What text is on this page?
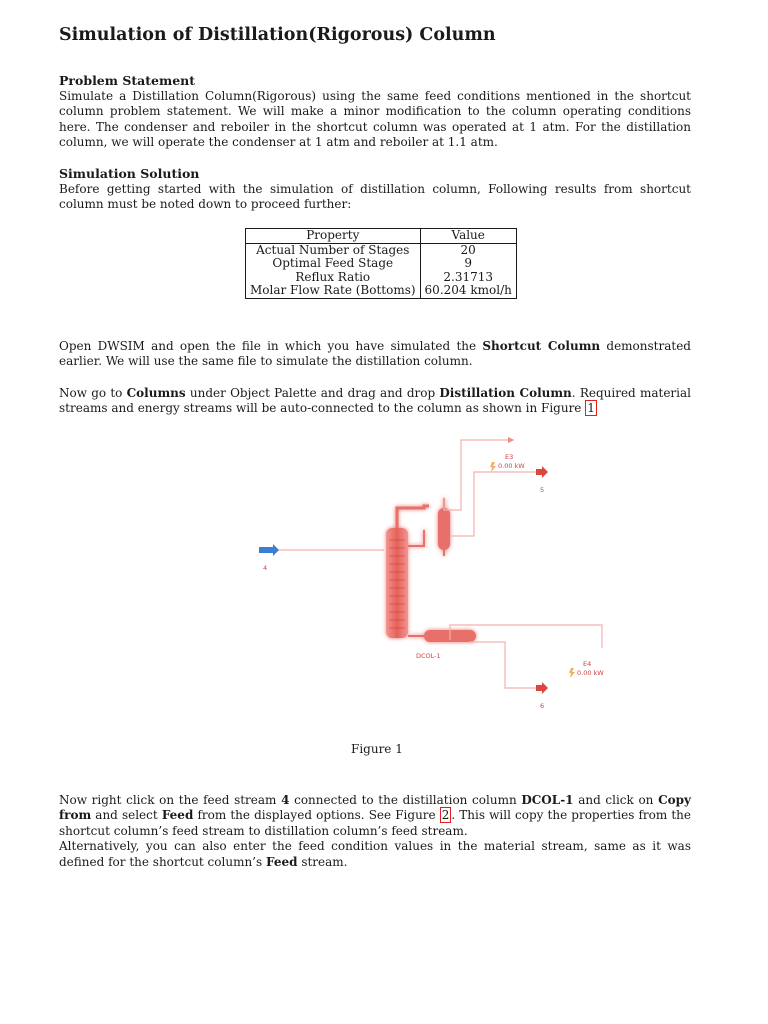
Simulation of Distillation(Rigorous) Column
Problem Statement
Simulate a Distillation Column(Rigorous) using the same feed conditions mentioned in the shortcut column problem statement. We will make a minor modification to the column operating conditions here. The condenser and reboiler in the shortcut column was operated at 1 atm. For the distillation column, we will operate the condenser at 1 atm and reboiler at 1.1 atm.
Simulation Solution
Before getting started with the simulation of distillation column, Following results from shortcut column must be noted down to proceed further:
Property	Value
Actual Number of Stages	20
Optimal Feed Stage	9
Reflux Ratio	2.31713
Molar Flow Rate (Bottoms)	60.204 kmol/h
Open DWSIM and open the file in which you have simulated the Shortcut Column demonstrated earlier. We will use the same file to simulate the distillation column.
Now go to Columns under Object Palette and drag and drop Distillation Column. Required material streams and energy streams will be auto-connected to the column as shown in Figure 1
E3
0.00 kW
5
4
DCOL-1
E4
0.00 kW
6
Figure 1
Now right click on the feed stream 4 connected to the distillation column DCOL-1 and click on Copy from and select Feed from the displayed options. See Figure 2 . This will copy the properties from the shortcut column’s feed stream to distillation column’s feed stream.
Alternatively, you can also enter the feed condition values in the material stream, same as it was defined for the shortcut column’s Feed stream.
